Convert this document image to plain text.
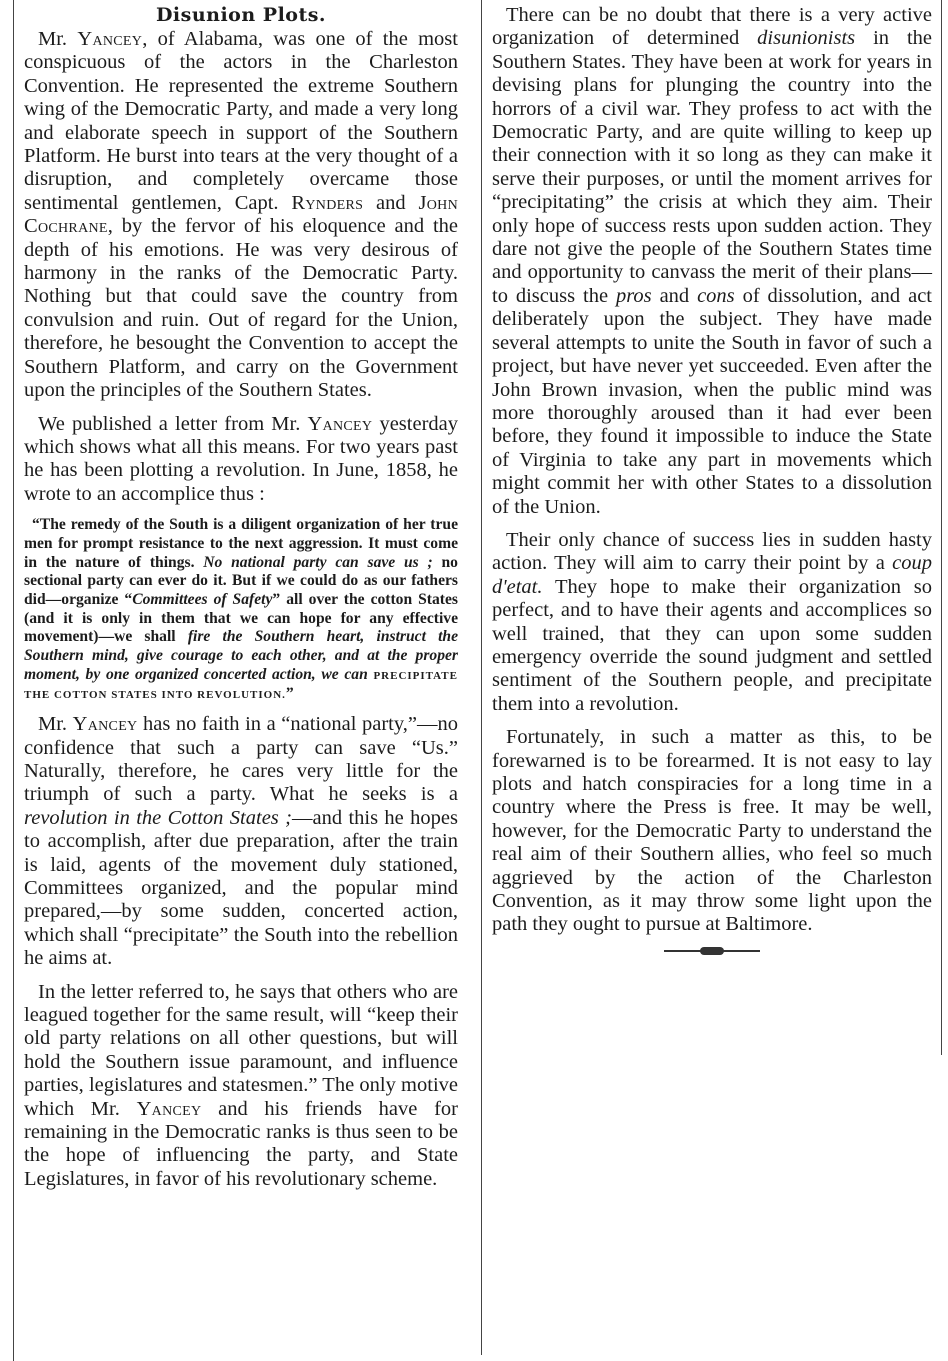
Disunion Plots.

Mr. Yancey, of Alabama, was one of the most conspicuous of the actors in the Charleston Convention. He represented the extreme Southern wing of the Democratic Party, and made a very long and elaborate speech in support of the Southern Platform. He burst into tears at the very thought of a disruption, and completely overcame those sentimental gentlemen, Capt. Rynders and John Cochrane, by the fervor of his eloquence and the depth of his emotions. He was very desirous of harmony in the ranks of the Democratic Party. Nothing but that could save the country from convulsion and ruin. Out of regard for the Union, therefore, he besought the Convention to accept the Southern Platform, and carry on the Government upon the principles of the Southern States.

We published a letter from Mr. Yancey yesterday which shows what all this means. For two years past he has been plotting a revolution. In June, 1858, he wrote to an accomplice thus :

“The remedy of the South is a diligent organization of her true men for prompt resistance to the next aggression. It must come in the nature of things. No national party can save us ; no sectional party can ever do it. But if we could do as our fathers did—organize “Committees of Safety” all over the cotton States (and it is only in them that we can hope for any effective movement)—we shall fire the Southern heart, instruct the Southern mind, give courage to each other, and at the proper moment, by one organized concerted action, we can PRECIPITATE THE COTTON STATES INTO REVOLUTION.”

Mr. Yancey has no faith in a “national party,”—no confidence that such a party can save “Us.” Naturally, therefore, he cares very little for the triumph of such a party. What he seeks is a revolution in the Cotton States ;—and this he hopes to accomplish, after due preparation, after the train is laid, agents of the movement duly stationed, Committees organized, and the popular mind prepared,—by some sudden, concerted action, which shall “precipitate” the South into the rebellion he aims at.

In the letter referred to, he says that others who are leagued together for the same result, will “keep their old party relations on all other questions, but will hold the Southern issue paramount, and influence parties, legislatures and statesmen.” The only motive which Mr. Yancey and his friends have for remaining in the Democratic ranks is thus seen to be the hope of influencing the party, and State Legislatures, in favor of his revolutionary scheme.

There can be no doubt that there is a very active organization of determined disunionists in the Southern States. They have been at work for years in devising plans for plunging the country into the horrors of a civil war. They profess to act with the Democratic Party, and are quite willing to keep up their connection with it so long as they can make it serve their purposes, or until the moment arrives for “precipitating” the crisis at which they aim. Their only hope of success rests upon sudden action. They dare not give the people of the Southern States time and opportunity to canvass the merit of their plans—to discuss the pros and cons of dissolution, and act deliberately upon the subject. They have made several attempts to unite the South in favor of such a project, but have never yet succeeded. Even after the John Brown invasion, when the public mind was more thoroughly aroused than it had ever been before, they found it impossible to induce the State of Virginia to take any part in movements which might commit her with other States to a dissolution of the Union.

Their only chance of success lies in sudden hasty action. They will aim to carry their point by a coup d'etat. They hope to make their organization so perfect, and to have their agents and accomplices so well trained, that they can upon some sudden emergency override the sound judgment and settled sentiment of the Southern people, and precipitate them into a revolution.

Fortunately, in such a matter as this, to be forewarned is to be forearmed. It is not easy to lay plots and hatch conspiracies for a long time in a country where the Press is free. It may be well, however, for the Democratic Party to understand the real aim of their Southern allies, who feel so much aggrieved by the action of the Charleston Convention, as it may throw some light upon the path they ought to pursue at Baltimore.
